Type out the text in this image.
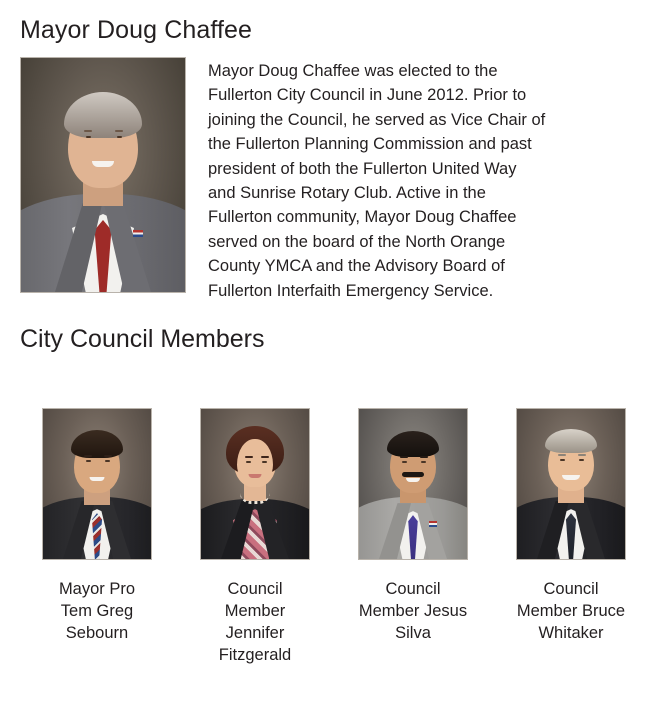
Mayor Doug Chaffee
Mayor Doug Chaffee was elected to the Fullerton City Council in June 2012. Prior to joining the Council, he served as Vice Chair of the Fullerton Planning Commission and past president of both the Fullerton United Way and Sunrise Rotary Club. Active in the Fullerton community, Mayor Doug Chaffee served on the board of the North Orange County YMCA and the Advisory Board of Fullerton Interfaith Emergency Service.
City Council Members
Mayor Pro Tem Greg Sebourn
Council Member Jennifer Fitzgerald
Council Member Jesus Silva
Council Member Bruce Whitaker
